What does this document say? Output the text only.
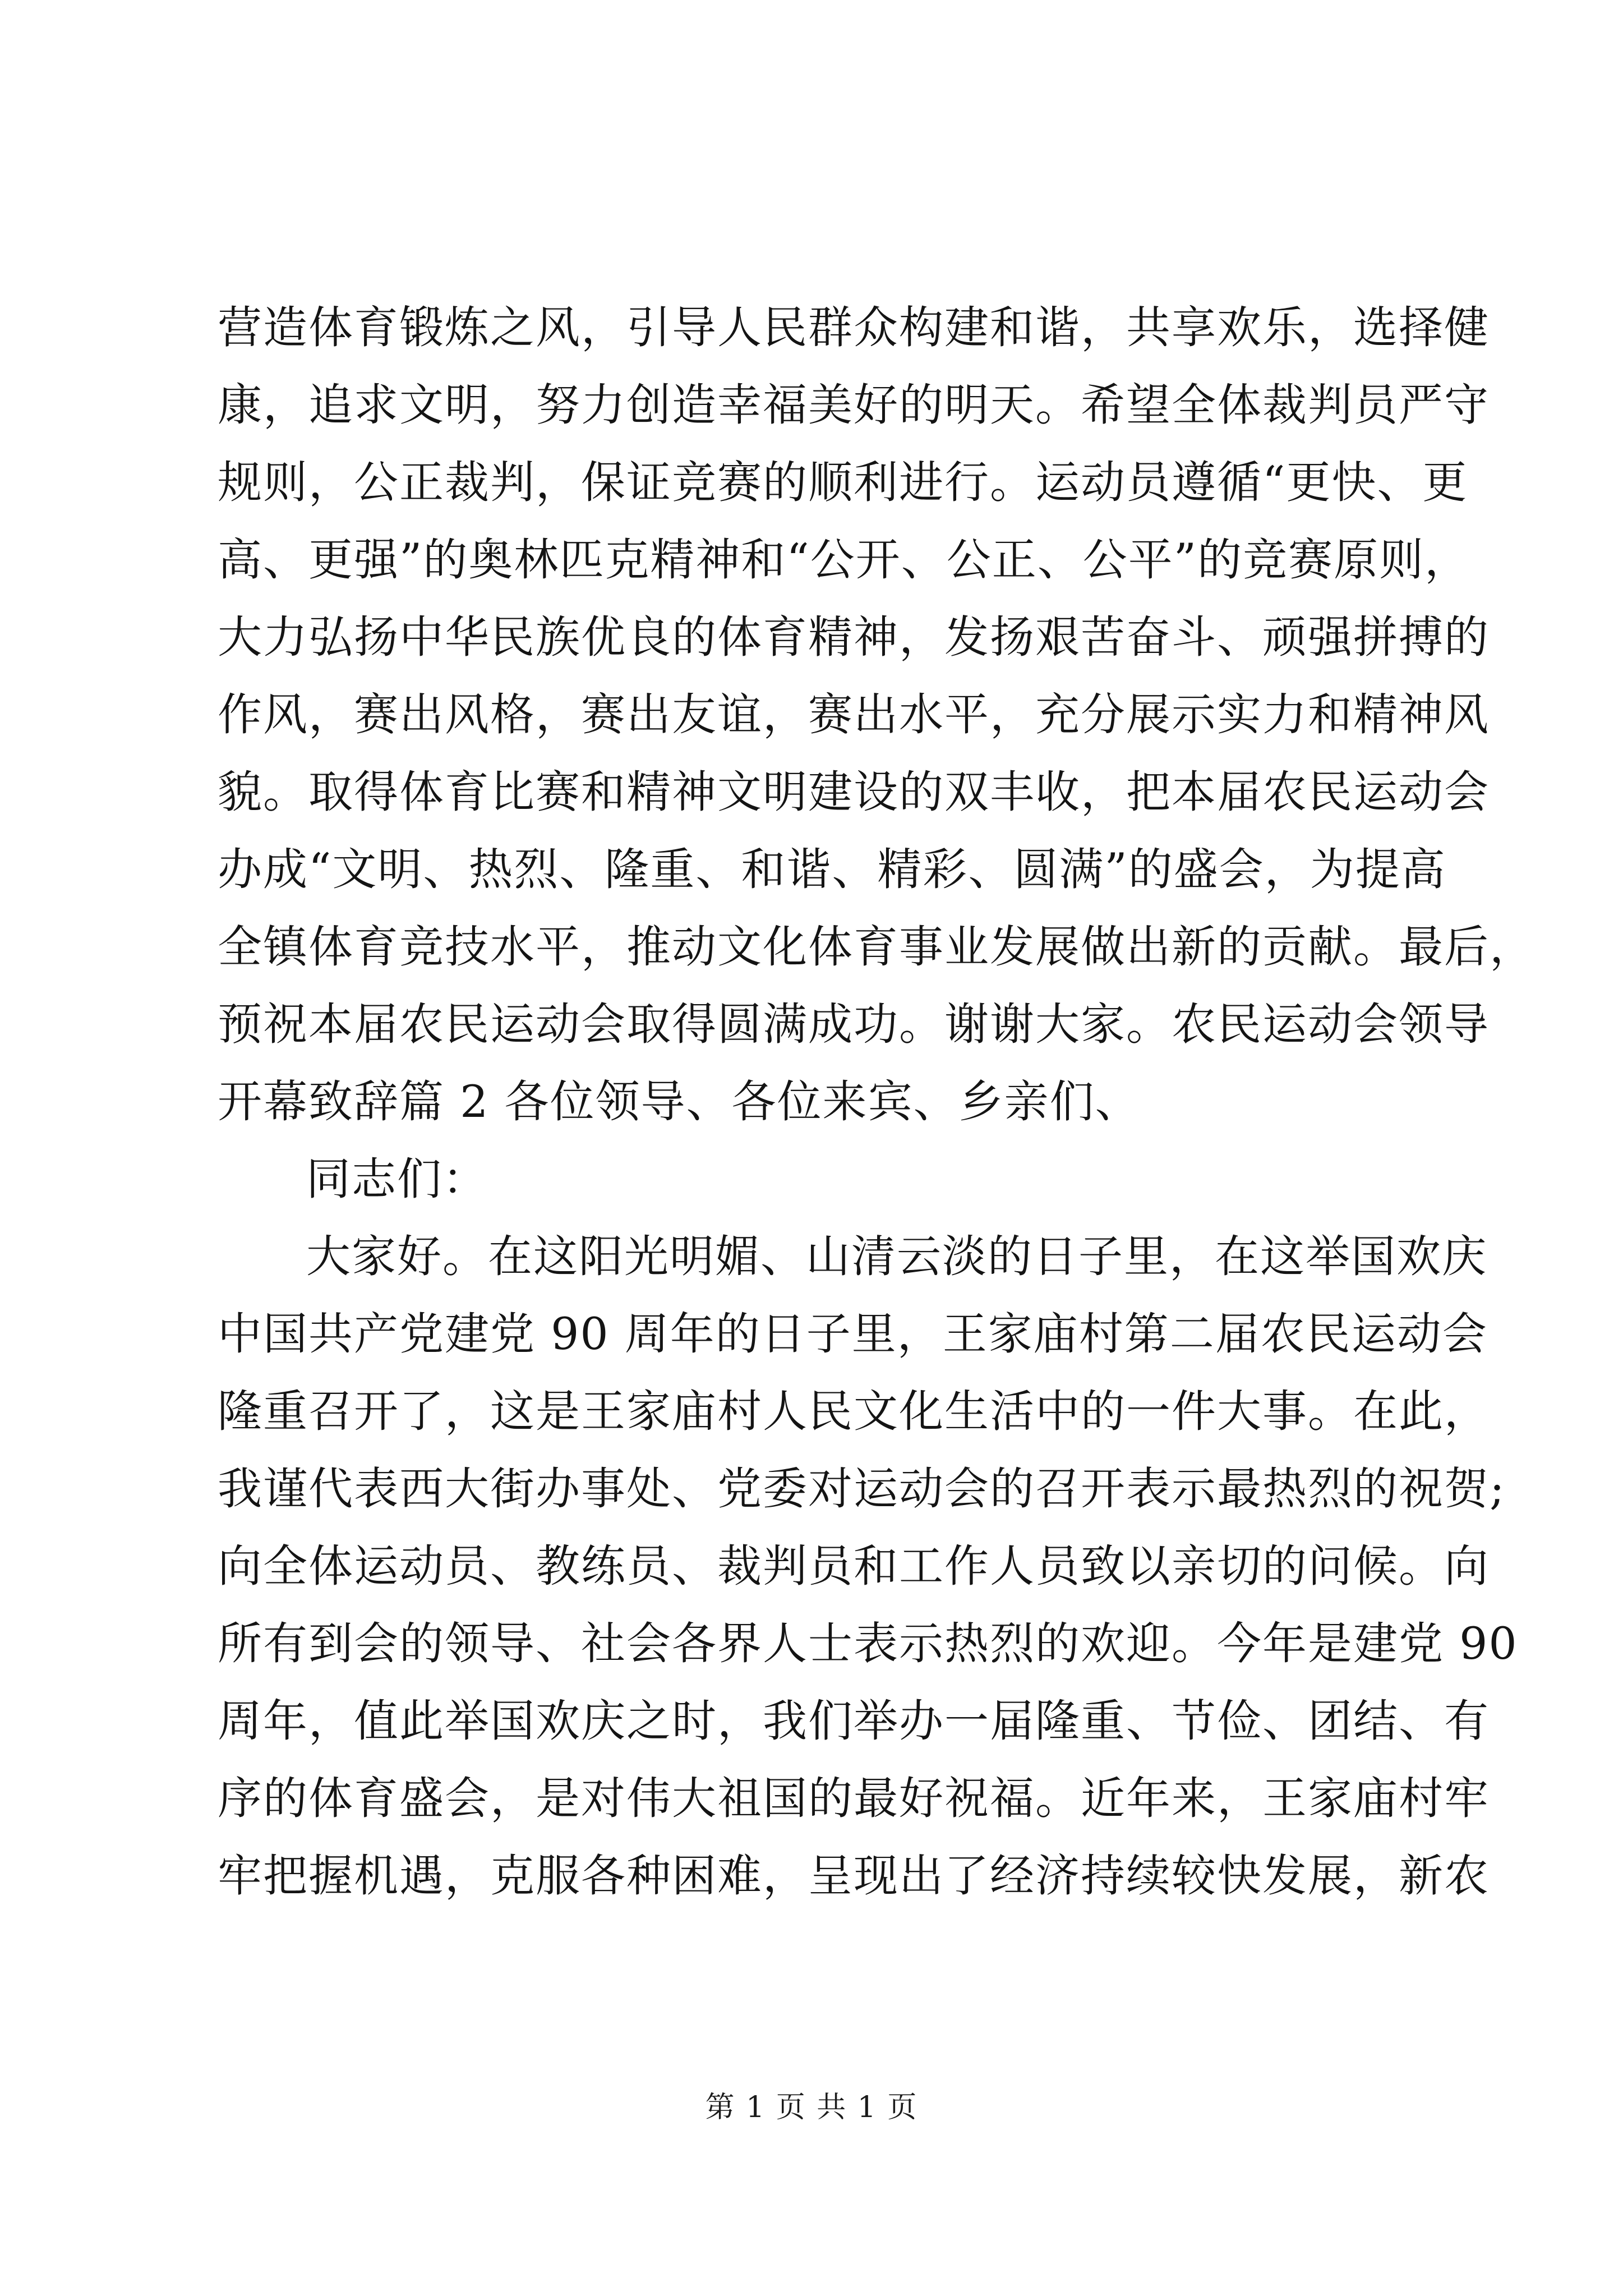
营造体育锻炼之风，引导人民群众构建和谐，共享欢乐，选择健
康，追求文明，努力创造幸福美好的明天。希望全体裁判员严守
规则，公正裁判，保证竞赛的顺利进行。运动员遵循“更快、更
高、更强”的奥林匹克精神和“公开、公正、公平”的竞赛原则，
大力弘扬中华民族优良的体育精神，发扬艰苦奋斗、顽强拼搏的
作风，赛出风格，赛出友谊，赛出水平，充分展示实力和精神风
貌。取得体育比赛和精神文明建设的双丰收，把本届农民运动会
办成“文明、热烈、隆重、和谐、精彩、圆满”的盛会，为提高
全镇体育竞技水平，推动文化体育事业发展做出新的贡献。最后，
预祝本届农民运动会取得圆满成功。谢谢大家。农民运动会领导
开幕致辞篇 2 各位领导、各位来宾、乡亲们、
同志们：
大家好。在这阳光明媚、山清云淡的日子里，在这举国欢庆
中国共产党建党 90 周年的日子里，王家庙村第二届农民运动会
隆重召开了，这是王家庙村人民文化生活中的一件大事。在此，
我谨代表西大街办事处、党委对运动会的召开表示最热烈的祝贺;
向全体运动员、教练员、裁判员和工作人员致以亲切的问候。向
所有到会的领导、社会各界人士表示热烈的欢迎。今年是建党 90
周年，值此举国欢庆之时，我们举办一届隆重、节俭、团结、有
序的体育盛会，是对伟大祖国的最好祝福。近年来，王家庙村牢
牢把握机遇，克服各种困难，呈现出了经济持续较快发展，新农
第 1 页 共 1 页
